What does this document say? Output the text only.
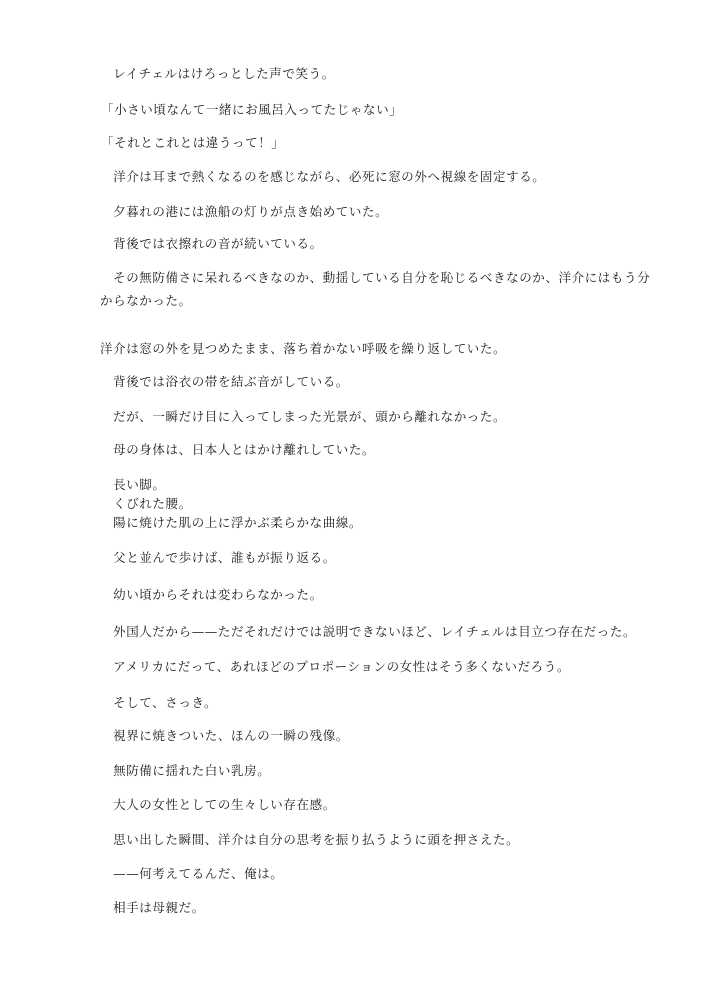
　レイチェルはけろっとした声で笑う。

「小さい頃なんて一緒にお風呂入ってたじゃない」

「それとこれとは違うって！」

　洋介は耳まで熱くなるのを感じながら、必死に窓の外へ視線を固定する。

　夕暮れの港には漁船の灯りが点き始めていた。

　背後では衣擦れの音が続いている。

　その無防備さに呆れるべきなのか、動揺している自分を恥じるべきなのか、洋介にはもう分

からなかった。

洋介は窓の外を見つめたまま、落ち着かない呼吸を繰り返していた。

　背後では浴衣の帯を結ぶ音がしている。

　だが、一瞬だけ目に入ってしまった光景が、頭から離れなかった。

　母の身体は、日本人とはかけ離れしていた。

　長い脚。

　くびれた腰。

　陽に焼けた肌の上に浮かぶ柔らかな曲線。

　父と並んで歩けば、誰もが振り返る。

　幼い頃からそれは変わらなかった。

　外国人だから——ただそれだけでは説明できないほど、レイチェルは目立つ存在だった。

　アメリカにだって、あれほどのプロポーションの女性はそう多くないだろう。

　そして、さっき。

　視界に焼きついた、ほんの一瞬の残像。

　無防備に揺れた白い乳房。

　大人の女性としての生々しい存在感。

　思い出した瞬間、洋介は自分の思考を振り払うように頭を押さえた。

　——何考えてるんだ、俺は。

　相手は母親だ。
